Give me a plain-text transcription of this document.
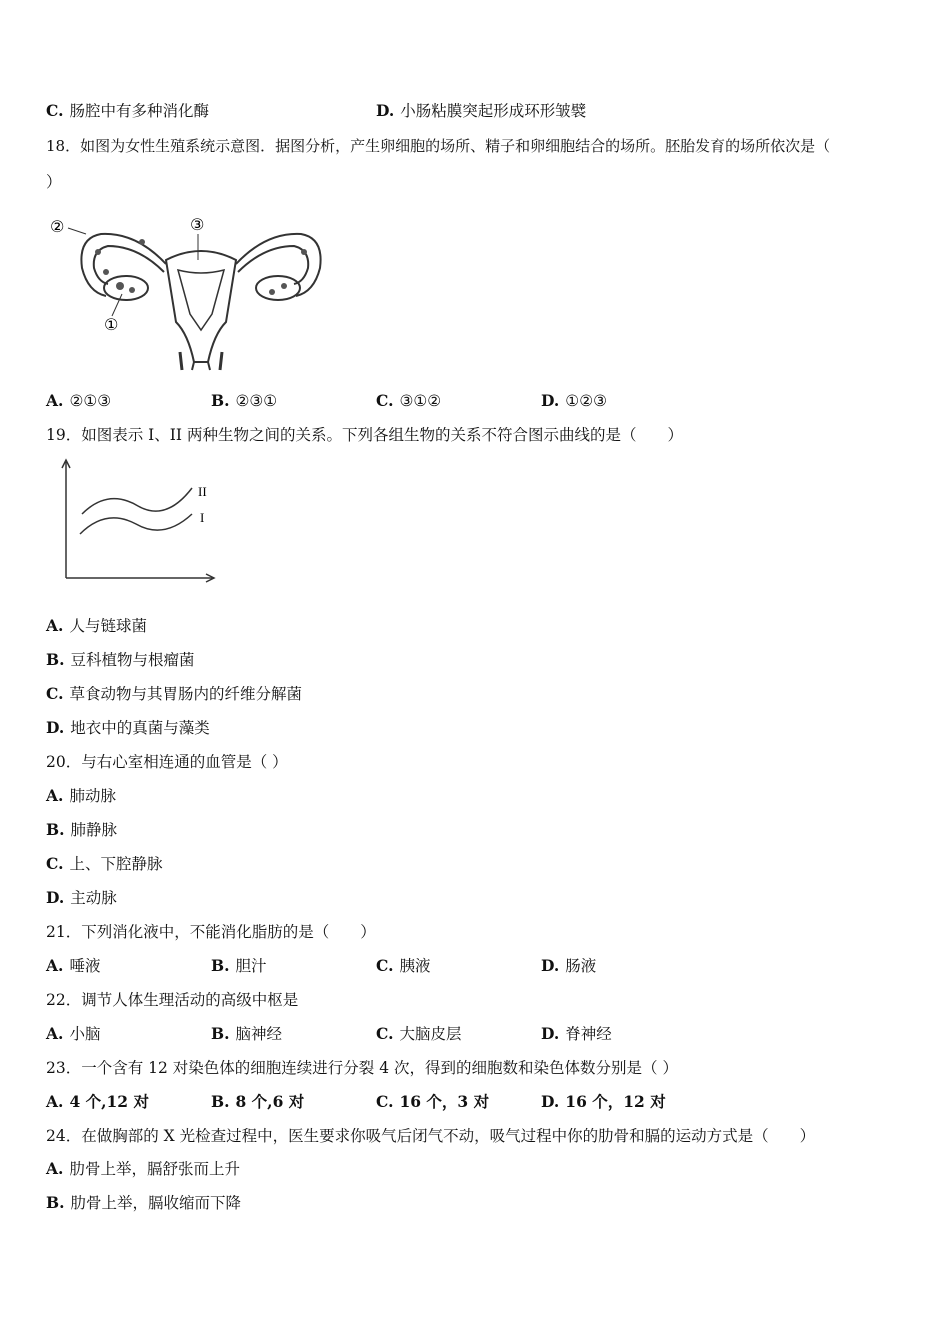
C. 肠腔中有多种消化酶	D. 小肠粘膜突起形成环形皱襞
18．如图为女性生殖系统示意图．据图分析，产生卵细胞的场所、精子和卵细胞结合的场所。胚胎发育的场所依次是（
）
②	③
①
A. ②①③	B. ②③①	C. ③①②	D. ①②③
19．如图表示 I、II 两种生物之间的关系。下列各组生物的关系不符合图示曲线的是（　　）
II
I
A. 人与链球菌
B. 豆科植物与根瘤菌
C. 草食动物与其胃肠内的纤维分解菌
D. 地衣中的真菌与藻类
20．与右心室相连通的血管是（ ）
A. 肺动脉
B. 肺静脉
C. 上、下腔静脉
D. 主动脉
21．下列消化液中，不能消化脂肪的是（　　）
A. 唾液	B. 胆汁	C. 胰液	D. 肠液
22．调节人体生理活动的高级中枢是
A. 小脑	B. 脑神经	C. 大脑皮层	D. 脊神经
23．一个含有 12 对染色体的细胞连续进行分裂 4 次，得到的细胞数和染色体数分别是（ ）
A. 4 个,12 对	B. 8 个,6 对	C. 16 个，3 对	D. 16 个，12 对
24．在做胸部的 X 光检查过程中，医生要求你吸气后闭气不动，吸气过程中你的肋骨和膈的运动方式是（　　）
A. 肋骨上举，膈舒张而上升
B. 肋骨上举，膈收缩而下降
